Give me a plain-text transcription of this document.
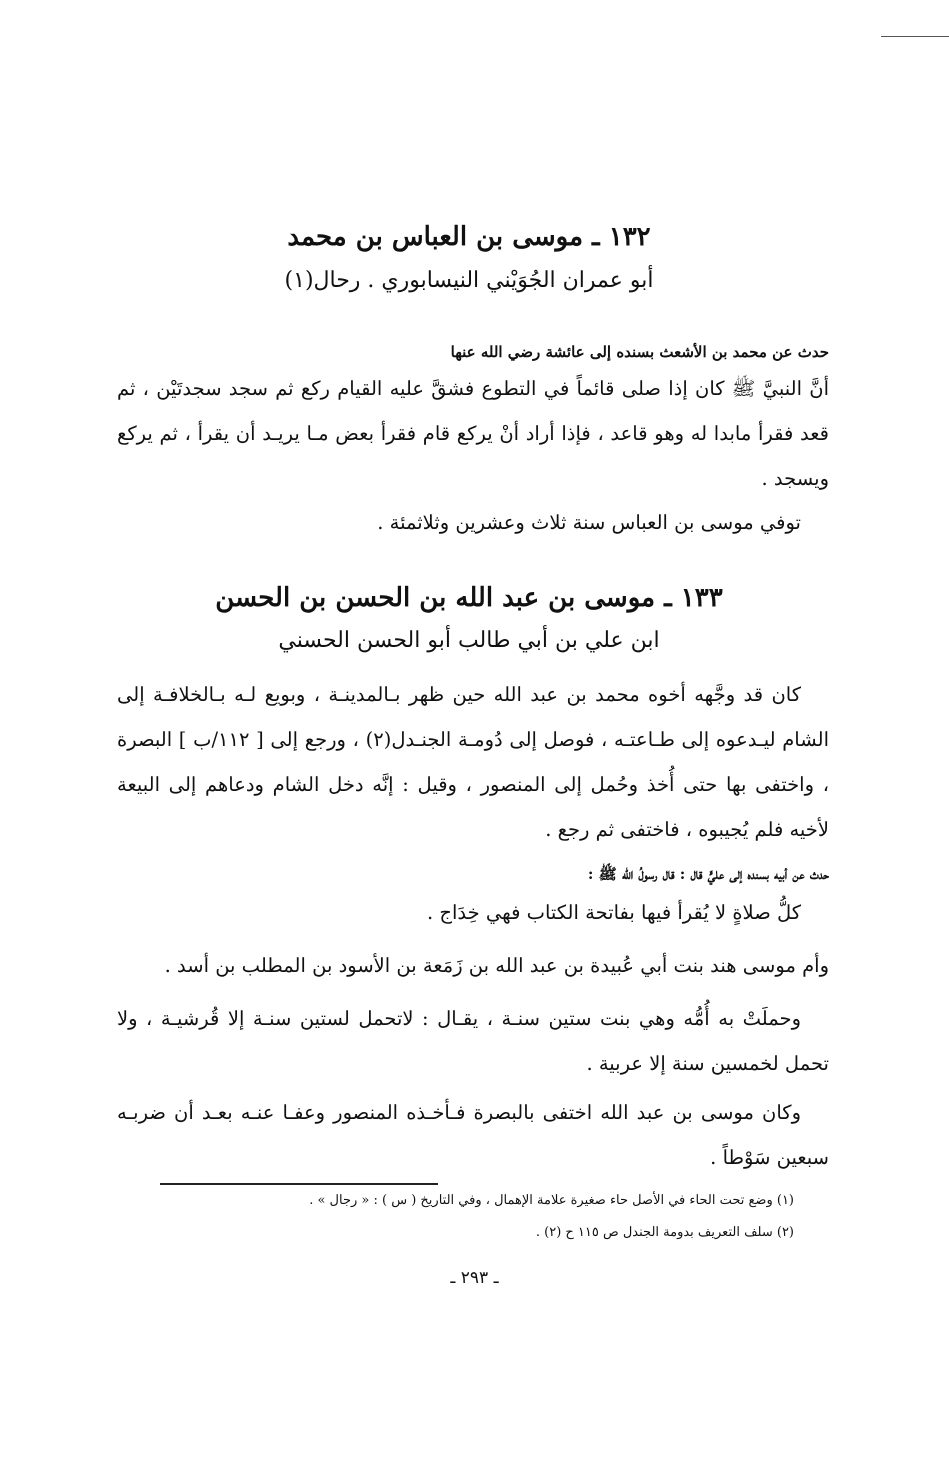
١٣٢ ـ موسى بن العباس بن محمد
أبو عمران الجُوَيْني النيسابوري . رحال(١)
حدث عن محمد بن الأشعث بسنده إلى عائشة رضي الله عنها
أنَّ النبيَّ ﷺ كان إذا صلى قائماً في التطوع فشقَّ عليه القيام ركع ثم سجد سجدتَيْن ، ثم قعد فقرأ مابدا له وهو قاعد ، فإذا أراد أنْ يركع قام فقرأ بعض مـا يريـد أن يقرأ ، ثم يركع ويسجد .
توفي موسى بن العباس سنة ثلاث وعشرين وثلاثمئة .
١٣٣ ـ موسى بن عبد الله بن الحسن بن الحسن
ابن علي بن أبي طالب أبو الحسن الحسني
كان قد وجَّهه أخوه محمد بن عبد الله حين ظهر بـالمدينـة ، وبويع لـه بـالخلافـة إلى الشام ليـدعوه إلى طـاعتـه ، فوصل إلى دُومـة الجنـدل(٢) ، ورجع إلى [ ١١٢/ب ] البصرة ، واختفى بها حتى أُخذ وحُمل إلى المنصور ، وقيل : إنَّه دخل الشام ودعاهم إلى البيعة لأخيه فلم يُجيبوه ، فاختفى ثم رجع .
حدث عن أبيه بسنده إلى عليٍّ قال : قال رسولُ الله ﷺ :
كلُّ صلاةٍ لا يُقرأ فيها بفاتحة الكتاب فهي خِدَاج .
وأم موسى هند بنت أبي عُبيدة بن عبد الله بن زَمَعة بن الأسود بن المطلب بن أسد .
وحملَتْ به أُمُّه وهي بنت ستين سنـة ، يقـال : لاتحمل لستين سنـة إلا قُرشيـة ، ولا تحمل لخمسين سنة إلا عربية .
وكان موسى بن عبد الله اختفى بالبصرة فـأخـذه المنصور وعفـا عنـه بعـد أن ضربـه سبعين سَوْطاً .
(١) وضع تحت الحاء في الأصل حاء صغيرة علامة الإهمال ، وفي التاريخ ( س ) : « رجال » .
(٢) سلف التعريف بدومة الجندل ص ١١٥ ح (٢) .
ـ ٢٩٣ ـ
